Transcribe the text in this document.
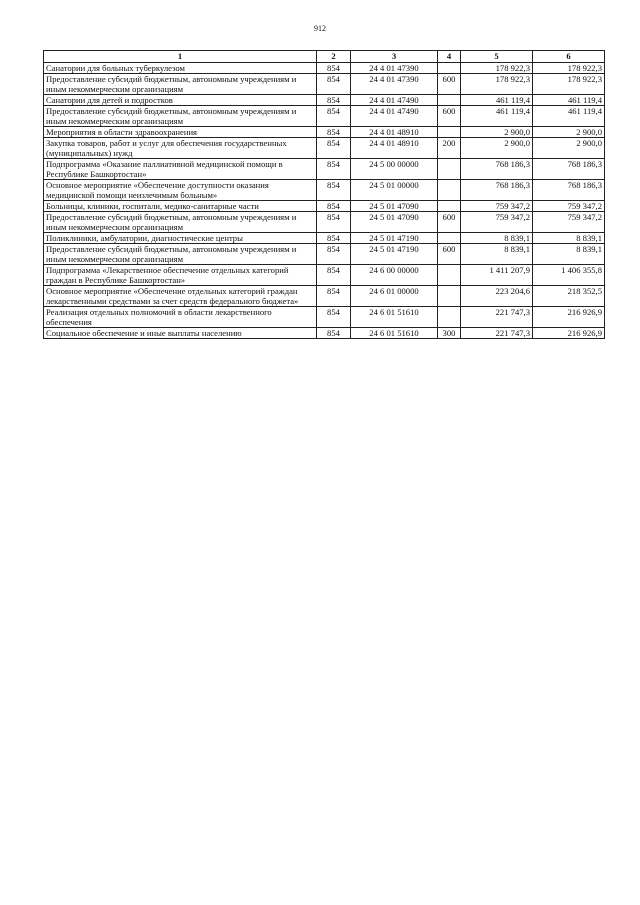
912
1	2	3	4	5	6
Санатории для больных туберкулезом	854	24 4 01 47390		178 922,3	178 922,3
Предоставление субсидий бюджетным, автономным учреждениям и иным некоммерческим организациям	854	24 4 01 47390	600	178 922,3	178 922,3
Санатории для детей и подростков	854	24 4 01 47490		461 119,4	461 119,4
Предоставление субсидий бюджетным, автономным учреждениям и иным некоммерческим организациям	854	24 4 01 47490	600	461 119,4	461 119,4
Мероприятия в области здравоохранения	854	24 4 01 48910		2 900,0	2 900,0
Закупка товаров, работ и услуг для обеспечения государственных (муниципальных) нужд	854	24 4 01 48910	200	2 900,0	2 900,0
Подпрограмма «Оказание паллиативной медицинской помощи в Республике Башкортостан»	854	24 5 00 00000		768 186,3	768 186,3
Основное мероприятие «Обеспечение доступности оказания медицинской помощи неизлечимым больным»	854	24 5 01 00000		768 186,3	768 186,3
Больницы, клиники, госпитали, медико-санитарные части	854	24 5 01 47090		759 347,2	759 347,2
Предоставление субсидий бюджетным, автономным учреждениям и иным некоммерческим организациям	854	24 5 01 47090	600	759 347,2	759 347,2
Поликлиники, амбулатории, диагностические центры	854	24 5 01 47190		8 839,1	8 839,1
Предоставление субсидий бюджетным, автономным учреждениям и иным некоммерческим организациям	854	24 5 01 47190	600	8 839,1	8 839,1
Подпрограмма «Лекарственное обеспечение отдельных категорий граждан в Республике Башкортостан»	854	24 6 00 00000		1 411 207,9	1 406 355,8
Основное мероприятие «Обеспечение отдельных категорий граждан лекарственными средствами за счет средств федерального бюджета»	854	24 6 01 00000		223 204,6	218 352,5
Реализация отдельных полномочий в области лекарственного обеспечения	854	24 6 01 51610		221 747,3	216 926,9
Социальное обеспечение и иные выплаты населению	854	24 6 01 51610	300	221 747,3	216 926,9
